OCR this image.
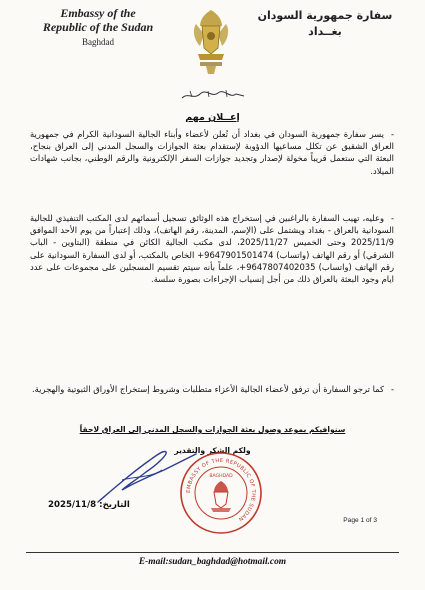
Embassy of the
Republic of the Sudan
Baghdad
سفارة جمهورية السودان
بغــداد
إعــلان مهم

-يسر سفارة جمهورية السودان في بغداد أن تُعلن لأعضاء وأبناء الجالية السودانية الكرام في جمهورية العراق الشقيق عن تكلل مساعيها الدؤوبة لإستقدام بعثة الجوازات والسجل المدني إلى العراق بنجاح، البعثة التي ستعمل قريباً مخولة لإصدار وتجديد جوازات السفر الإلكترونية والرقم الوطني، بجانب شهادات الميلاد.

-وعليه، تهيب السفارة بالراغبين في إستخراج هذه الوثائق تسجيل أسمائهم لدى المكتب التنفيذي للجالية السودانية بالعراق - بغداد ويشتمل على (الإسم، المدينة، رقم الهاتف)، وذلك إعتباراً من يوم الأحد الموافق 2025/11/9 وحتى الخميس 2025/11/27، لدى مكتب الجالية الكائن في منطقة (البتاوين - الباب الشرقي) أو رقم الهاتف (واتساب) 9647901501474+ الخاص بالمكتب، أو لدى السفارة السودانية على رقم الهاتف (واتساب) 9647807402035+، علماً بأنه سيتم تقسيم المسجلين على مجموعات على عدد ايام وجود البعثة بالعراق ذلك من أجل إنسياب الإجراءات بصورة سلسة.

-كما ترجو السفارة أن ترفق لأعضاء الجالية الأعزاء متطلبات وشروط إستخراج الأوراق الثبوتية والهجرية.

سنوافيكم بموعد وصول بعثة الجوازات والسجل المدني إلى العراق لاحقاً
ولكم الشكر والتقدير
EMBASSY OF THE REPUBLIC OF THE SUDAN
BAGHDAD
التاريخ: 2025/11/8
Page 1 of 3
E-mail:sudan_baghdad@hotmail.com
